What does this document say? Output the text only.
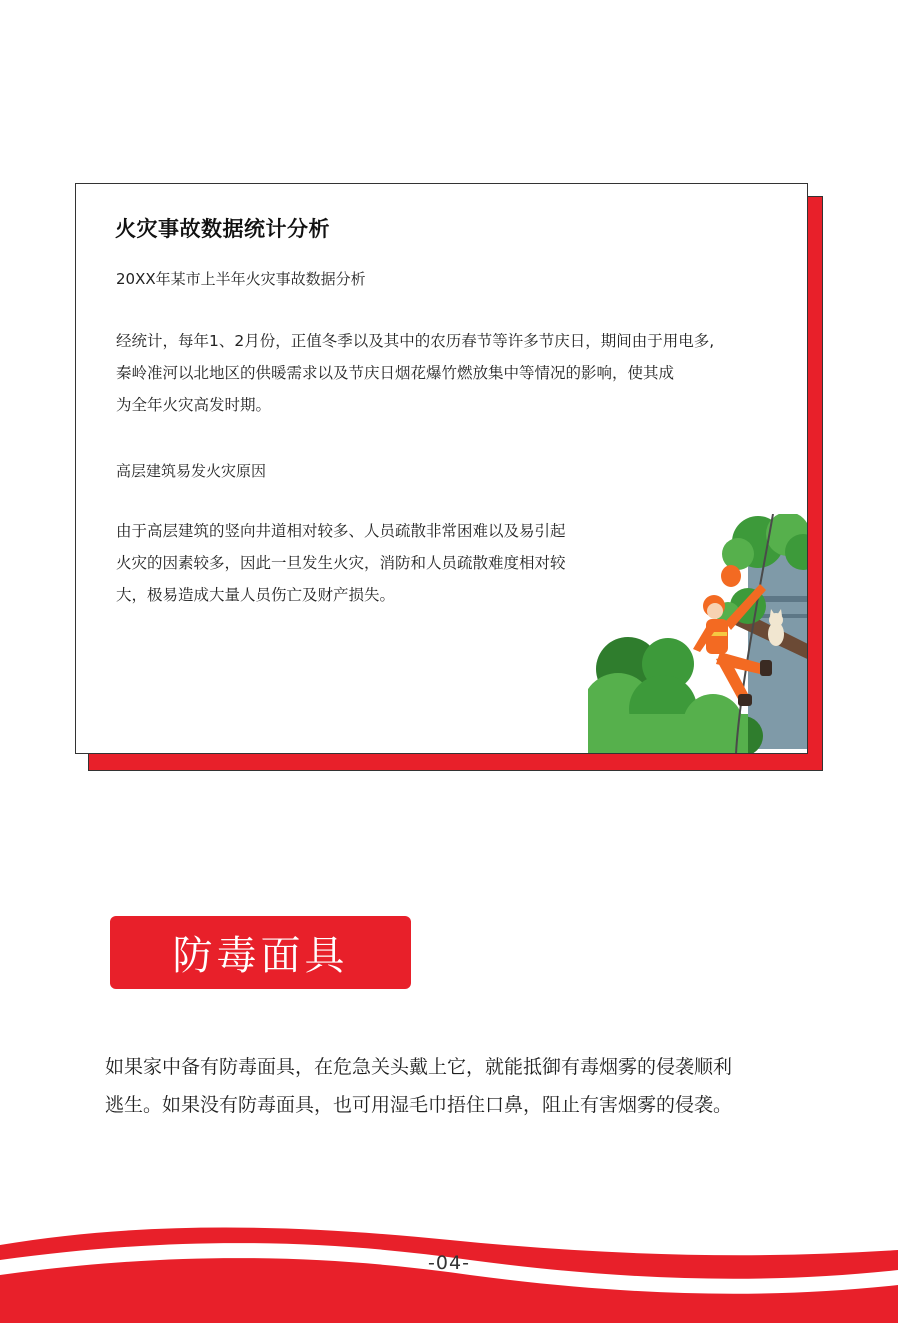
火灾事故数据统计分析
20XX年某市上半年火灾事故数据分析
经统计，每年1、2月份，正值冬季以及其中的农历春节等许多节庆日，期间由于用电多,
秦岭准河以北地区的供暖需求以及节庆日烟花爆竹燃放集中等情况的影响，使其成
为全年火灾高发时期。
高层建筑易发火灾原因
由于高层建筑的竖向井道相对较多、人员疏散非常困难以及易引起
火灾的因素较多，因此一旦发生火灾，消防和人员疏散难度相对较
大，极易造成大量人员伤亡及财产损失。
防毒面具
如果家中备有防毒面具，在危急关头戴上它，就能抵御有毒烟雾的侵袭顺利
逃生。如果没有防毒面具，也可用湿毛巾捂住口鼻，阻止有害烟雾的侵袭。
-04-
